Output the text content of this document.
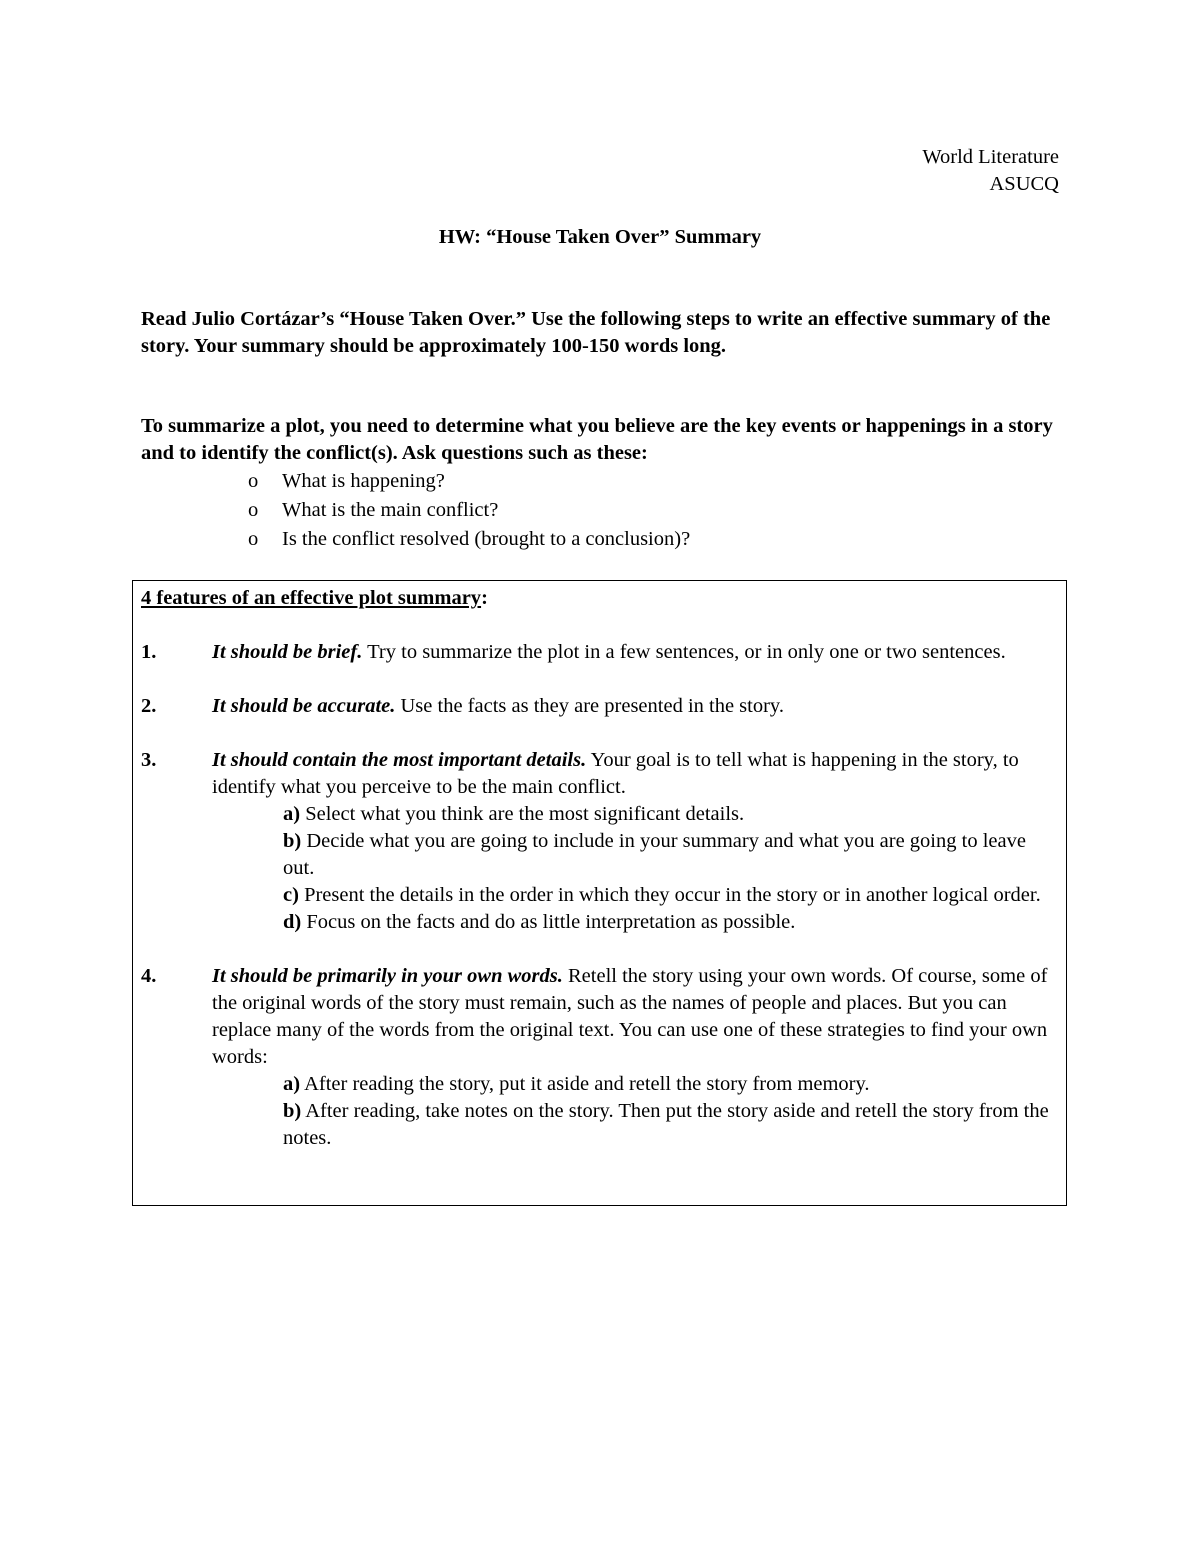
World Literature
ASUCQ
HW: “House Taken Over” Summary
Read Julio Cortázar’s “House Taken Over.” Use the following steps to write an effective summary of the story. Your summary should be approximately 100-150 words long.
To summarize a plot, you need to determine what you believe are the key events or happenings in a story and to identify the conflict(s). Ask questions such as these:
o What is happening?
o What is the main conflict?
o Is the conflict resolved (brought to a conclusion)?
4 features of an effective plot summary:
1.	It should be brief. Try to summarize the plot in a few sentences, or in only one or two sentences.
2.	It should be accurate. Use the facts as they are presented in the story.
3.	It should contain the most important details. Your goal is to tell what is happening in the story, to identify what you perceive to be the main conflict.
a) Select what you think are the most significant details.
b) Decide what you are going to include in your summary and what you are going to leave out.
c) Present the details in the order in which they occur in the story or in another logical order.
d) Focus on the facts and do as little interpretation as possible.
4.	It should be primarily in your own words. Retell the story using your own words. Of course, some of the original words of the story must remain, such as the names of people and places. But you can replace many of the words from the original text. You can use one of these strategies to find your own words:
a) After reading the story, put it aside and retell the story from memory.
b) After reading, take notes on the story. Then put the story aside and retell the story from the notes.
